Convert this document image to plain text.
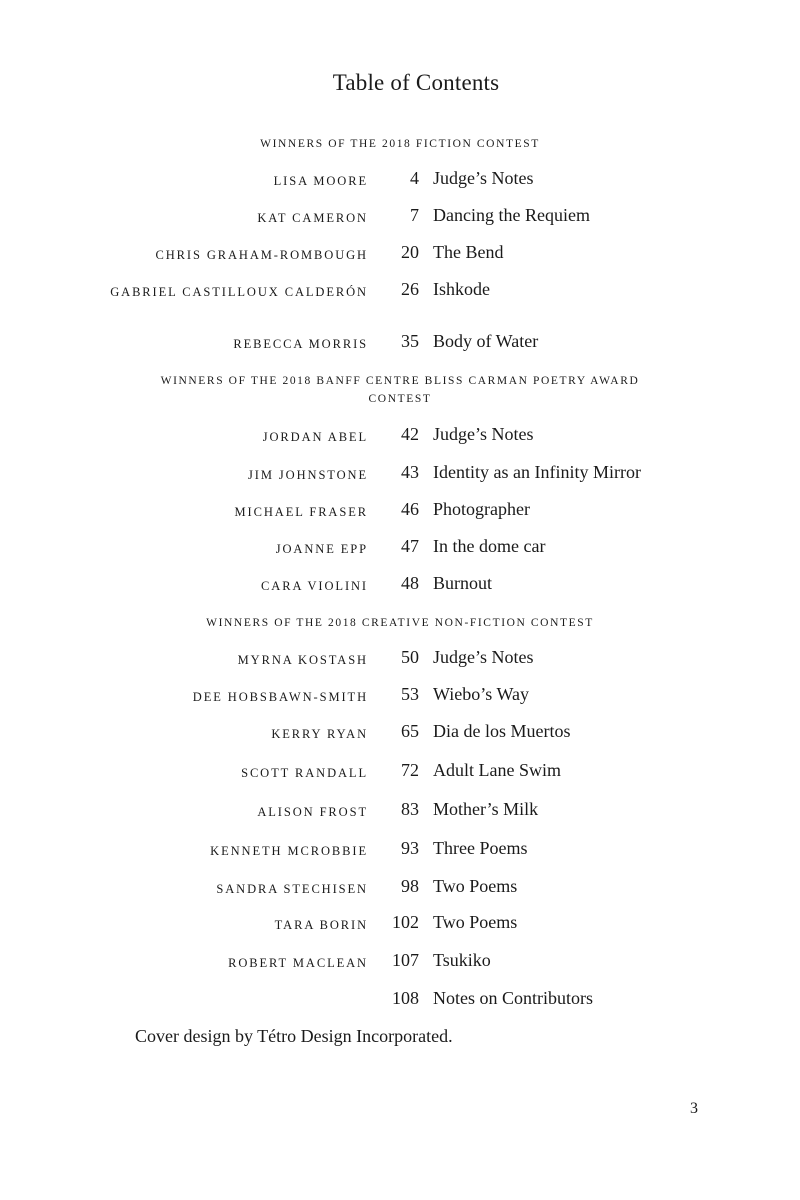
Table of Contents
WINNERS OF THE 2018 FICTION CONTEST
LISA MOORE 4 Judge’s Notes
KAT CAMERON 7 Dancing the Requiem
CHRIS GRAHAM-ROMBOUGH 20 The Bend
GABRIEL CASTILLOUX CALDERÓN 26 Ishkode
REBECCA MORRIS 35 Body of Water
WINNERS OF THE 2018 BANFF CENTRE BLISS CARMAN POETRY AWARD CONTEST
JORDAN ABEL 42 Judge’s Notes
JIM JOHNSTONE 43 Identity as an Infinity Mirror
MICHAEL FRASER 46 Photographer
JOANNE EPP 47 In the dome car
CARA VIOLINI 48 Burnout
WINNERS OF THE 2018 CREATIVE NON-FICTION CONTEST
MYRNA KOSTASH 50 Judge’s Notes
DEE HOBSBAWN-SMITH 53 Wiebo’s Way
KERRY RYAN 65 Dia de los Muertos
SCOTT RANDALL 72 Adult Lane Swim
ALISON FROST 83 Mother’s Milk
KENNETH MCROBBIE 93 Three Poems
SANDRA STECHISEN 98 Two Poems
TARA BORIN 102 Two Poems
ROBERT MACLEAN 107 Tsukiko
108 Notes on Contributors
Cover design by Tétro Design Incorporated.
3
